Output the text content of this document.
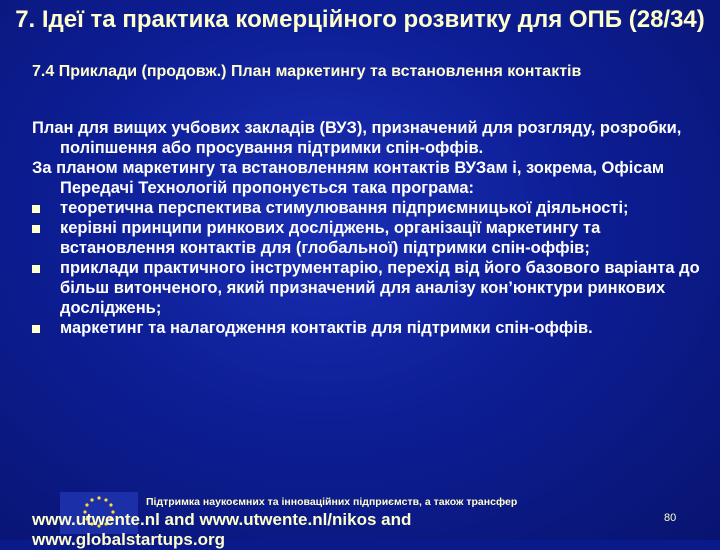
7. Ідеї та практика комерційного розвитку для ОПБ (28/34)
7.4 Приклади (продовж.) План маркетингу та встановлення контактів

План для вищих учбових закладів (ВУЗ), призначений для розгляду, розробки, поліпшення або просування підтримки спін-оффів.

За планом маркетингу та встановленням контактів ВУЗам і, зокрема, Офісам Передачі Технологій пропонується така програма:

теоретична перспектива стимулювання підприємницької діяльності;
керівні принципи ринкових досліджень, організації маркетингу та встановлення контактів для (глобальної) підтримки спін-оффів;
приклади практичного інструментарію, перехід від його базового варіанта до більш витонченого, який призначений для аналізу кон’юнктури ринкових досліджень;
маркетинг та налагодження контактів для підтримки спін-оффів.
Підтримка наукоємних та інноваційних підприємств, а також трансфер
80
www.utwente.nl and www.utwente.nl/nikos and
www.globalstartups.org
